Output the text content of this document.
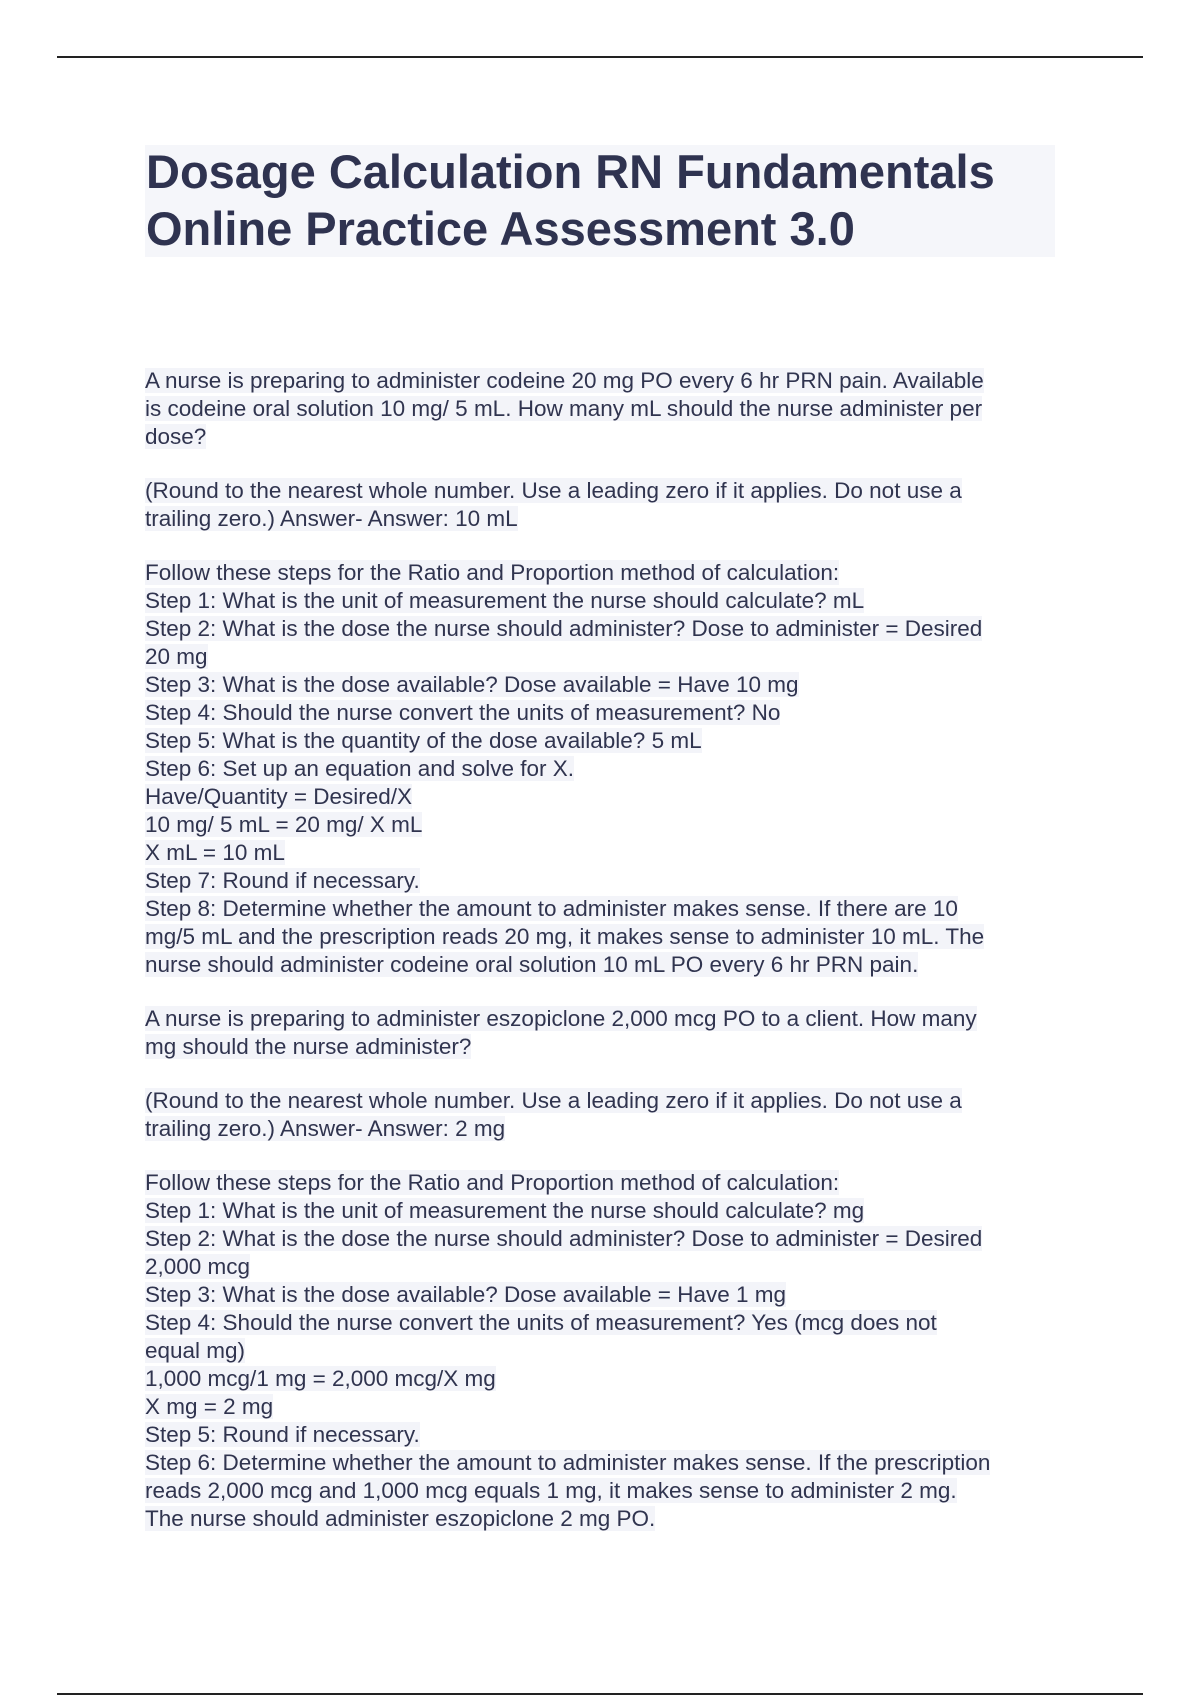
Dosage Calculation RN Fundamentals
Online Practice Assessment 3.0

A nurse is preparing to administer codeine 20 mg PO every 6 hr PRN pain. Available
is codeine oral solution 10 mg/ 5 mL. How many mL should the nurse administer per
dose?

(Round to the nearest whole number. Use a leading zero if it applies. Do not use a
trailing zero.) Answer- Answer: 10 mL

Follow these steps for the Ratio and Proportion method of calculation:
Step 1: What is the unit of measurement the nurse should calculate? mL
Step 2: What is the dose the nurse should administer? Dose to administer = Desired
20 mg
Step 3: What is the dose available? Dose available = Have 10 mg
Step 4: Should the nurse convert the units of measurement? No
Step 5: What is the quantity of the dose available? 5 mL
Step 6: Set up an equation and solve for X.
Have/Quantity = Desired/X
10 mg/ 5 mL = 20 mg/ X mL
X mL = 10 mL
Step 7: Round if necessary.
Step 8: Determine whether the amount to administer makes sense. If there are 10
mg/5 mL and the prescription reads 20 mg, it makes sense to administer 10 mL. The
nurse should administer codeine oral solution 10 mL PO every 6 hr PRN pain.

A nurse is preparing to administer eszopiclone 2,000 mcg PO to a client. How many
mg should the nurse administer?

(Round to the nearest whole number. Use a leading zero if it applies. Do not use a
trailing zero.) Answer- Answer: 2 mg

Follow these steps for the Ratio and Proportion method of calculation:
Step 1: What is the unit of measurement the nurse should calculate? mg
Step 2: What is the dose the nurse should administer? Dose to administer = Desired
2,000 mcg
Step 3: What is the dose available? Dose available = Have 1 mg
Step 4: Should the nurse convert the units of measurement? Yes (mcg does not
equal mg)
1,000 mcg/1 mg = 2,000 mcg/X mg
X mg = 2 mg
Step 5: Round if necessary.
Step 6: Determine whether the amount to administer makes sense. If the prescription
reads 2,000 mcg and 1,000 mcg equals 1 mg, it makes sense to administer 2 mg.
The nurse should administer eszopiclone 2 mg PO.
